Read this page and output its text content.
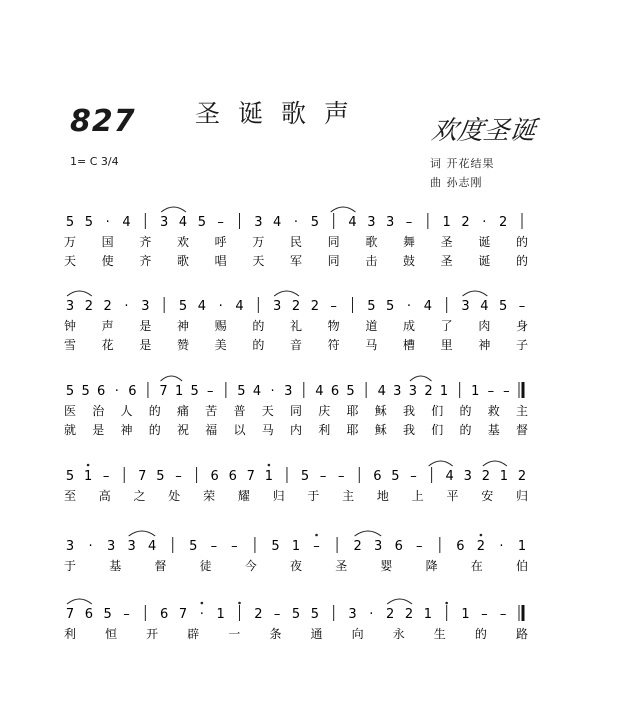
827 圣诞歌声
欢度圣诞
1= C 3/4	词 开花结果
曲 孙志刚
5 5 · 4 3 4 5 – 3 4 · 5 4 3 3 – 1 2 · 2
万 国 齐 欢 呼 万 民 同 歌 舞 圣 诞 的
天 使 齐 歌 唱 天 军 同 击 鼓 圣 诞 的
3 2 2 · 3 5 4 · 4 3 2 2 – 5 5 · 4 3 4 5 –
钟 声 是 神 赐 的 礼 物 道 成 了 肉 身
雪 花 是 赞 美 的 音 符 马 槽 里 神 子
5 5 6 · 6 7 1 5 – 5 4 · 3 4 6 5 4 3 3 2 1 1 – –
医 治 人 的 痛 苦 普 天 同 庆 耶 稣 我 们 的 救 主
就 是 神 的 祝 福 以 马 内 利 耶 稣 我 们 的 基 督
5 1 – 7 5 – 6 6 7 1 5 – – 6 5 – 4 3 2 1 2
至 高 之 处 荣 耀 归 于 主 地 上 平 安 归
3 · 3 3 4	5 – –	5 1 –	2 3 6 –	6 2 · 1
于	基	督	徒	今	夜	圣	婴	降	在	伯
7 6 5 – 6 7 · 1 2 – 5 5 3 · 2 2 1 1 – –
利 恒 开 辟 一 条 通 向 永 生 的 路
